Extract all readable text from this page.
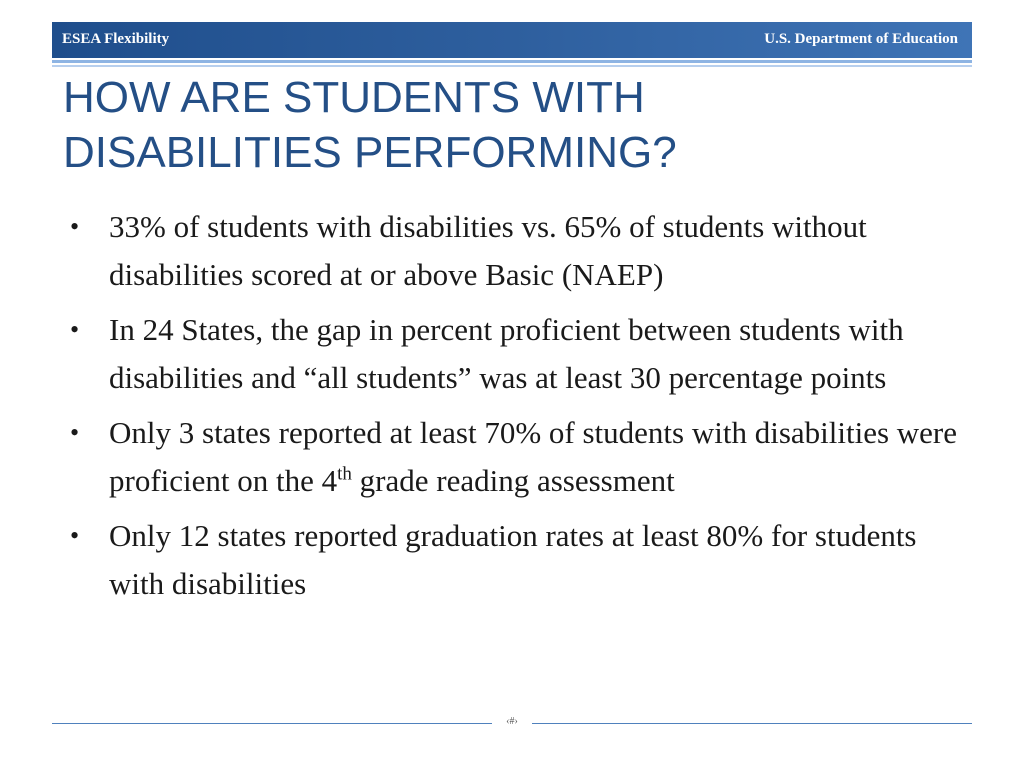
ESEA Flexibility	U.S. Department of Education
HOW ARE STUDENTS WITH
DISABILITIES PERFORMING?
• 33% of students with disabilities vs. 65% of students without disabilities scored at or above Basic (NAEP)
• In 24 States, the gap in percent proficient between students with disabilities and “all students” was at least 30 percentage points
• Only 3 states reported at least 70% of students with disabilities were proficient on the 4th grade reading assessment
• Only 12 states reported graduation rates at least 80% for students with disabilities
‹#›
